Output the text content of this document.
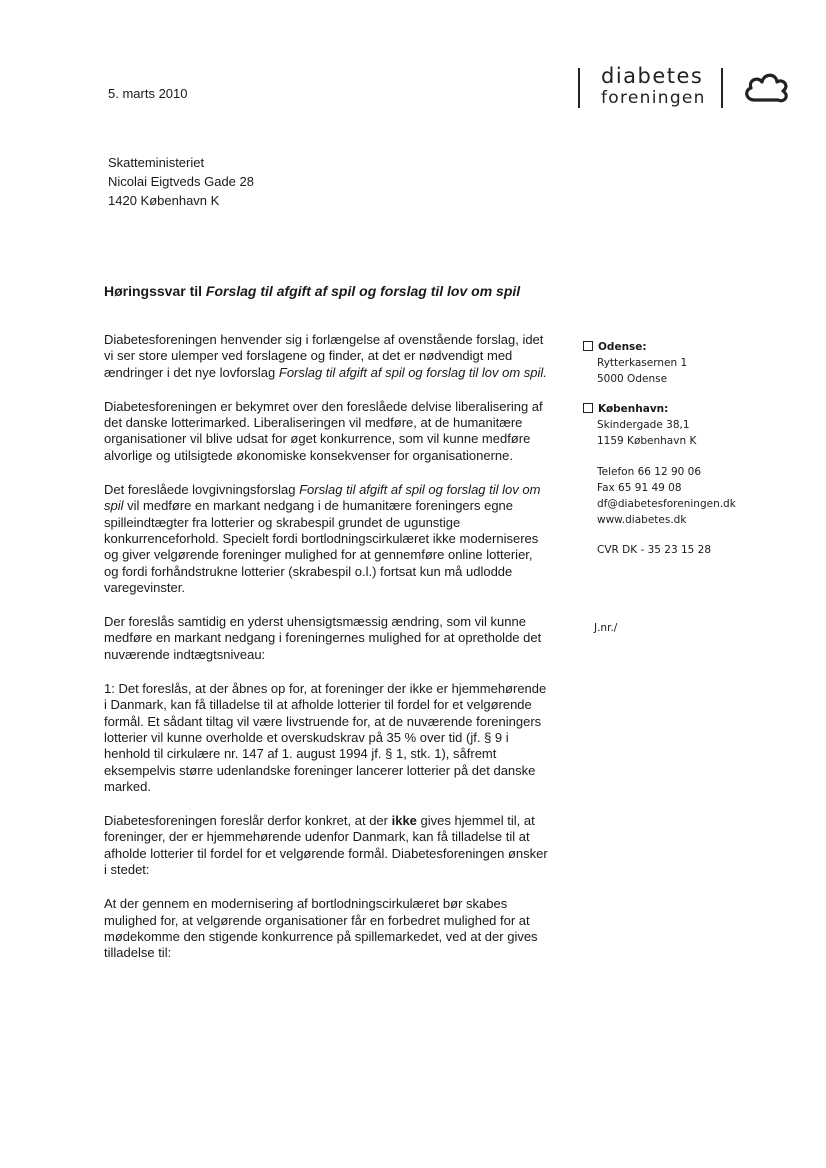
5. marts 2010
diabetes
foreningen
Skatteministeriet
Nicolai Eigtveds Gade 28
1420 København K
Høringssvar til Forslag til afgift af spil og forslag til lov om spil

Diabetesforeningen henvender sig i forlængelse af ovenstående forslag, idet vi ser store ulemper ved forslagene og finder, at det er nødvendigt med ændringer i det nye lovforslag Forslag til afgift af spil og forslag til lov om spil.

Diabetesforeningen er bekymret over den foreslåede delvise liberalisering af det danske lotterimarked. Liberaliseringen vil medføre, at de humanitære organisationer vil blive udsat for øget konkurrence, som vil kunne medføre alvorlige og utilsigtede økonomiske konsekvenser for organisationerne.

Det foreslåede lovgivningsforslag Forslag til afgift af spil og forslag til lov om spil vil medføre en markant nedgang i de humanitære foreningers egne spilleindtægter fra lotterier og skrabespil grundet de ugunstige konkurrenceforhold. Specielt fordi bortlodningscirkulæret ikke moderniseres og giver velgørende foreninger mulighed for at gennemføre online lotterier, og fordi forhåndstrukne lotterier (skrabespil o.l.) fortsat kun må udlodde varegevinster.

Der foreslås samtidig en yderst uhensigtsmæssig ændring, som vil kunne medføre en markant nedgang i foreningernes mulighed for at opretholde det nuværende indtægtsniveau:

1: Det foreslås, at der åbnes op for, at foreninger der ikke er hjemmehørende i Danmark, kan få tilladelse til at afholde lotterier til fordel for et velgørende formål. Et sådant tiltag vil være livstruende for, at de nuværende foreningers lotterier vil kunne overholde et overskudskrav på 35 % over tid (jf. § 9 i henhold til cirkulære nr. 147 af 1. august 1994 jf. § 1, stk. 1), såfremt eksempelvis større udenlandske foreninger lancerer lotterier på det danske marked.

Diabetesforeningen foreslår derfor konkret, at der ikke gives hjemmel til, at foreninger, der er hjemmehørende udenfor Danmark, kan få tilladelse til at afholde lotterier til fordel for et velgørende formål. Diabetesforeningen ønsker i stedet:

At der gennem en modernisering af bortlodningscirkulæret bør skabes mulighed for, at velgørende organisationer får en forbedret mulighed for at mødekomme den stigende konkurrence på spillemarkedet, ved at der gives tilladelse til:

Odense:
Rytterkasernen 1
5000 Odense
København:
Skindergade 38,1
1159 København K
Telefon 66 12 90 06
Fax 65 91 49 08
df@diabetesforeningen.dk
www.diabetes.dk
CVR DK - 35 23 15 28
J.nr./
